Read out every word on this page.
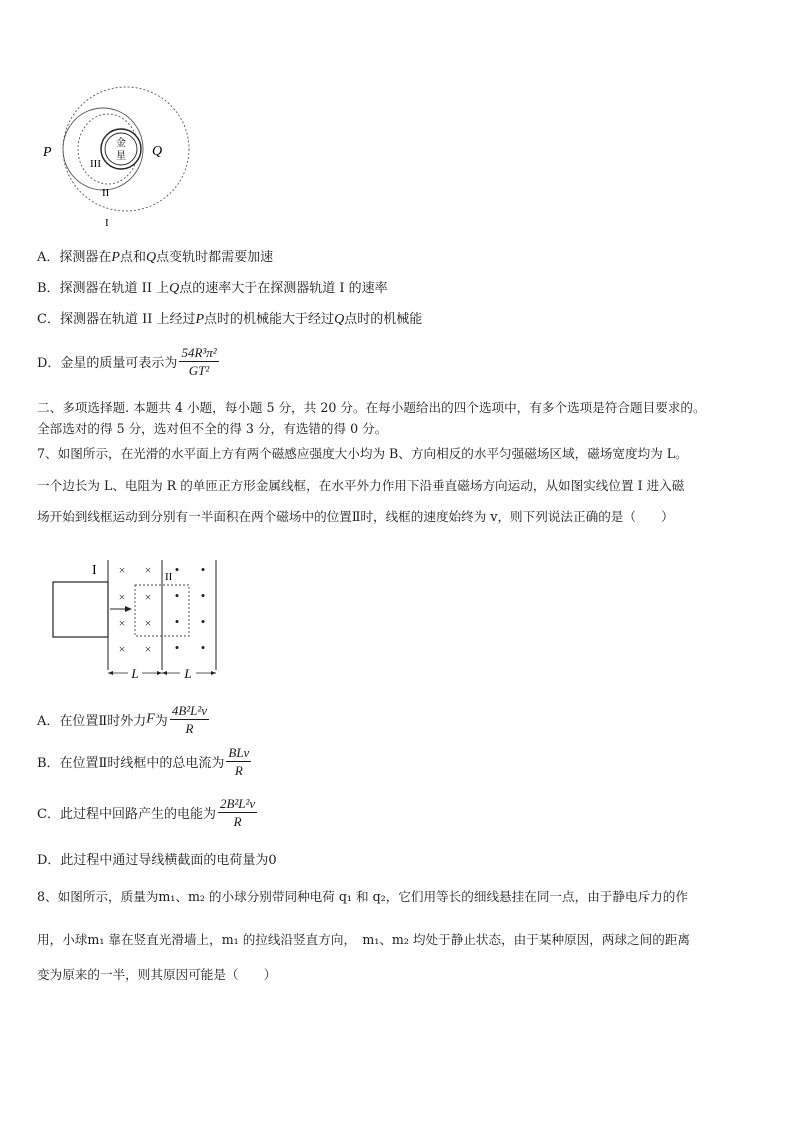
金
星
P	Q
III
II
I
A．探测器在P点和Q点变轨时都需要加速
B．探测器在轨道 II 上Q点的速率大于在探测器轨道 I 的速率
C．探测器在轨道 II 上经过P点时的机械能大于经过Q点时的机械能
D．金星的质量可表示为 $\frac{\text{54R³π²}}{\text{GT²}}$
二、多项选择题. 本题共 4 小题，每小题 5 分，共 20 分。在每小题给出的四个选项中，有多个选项是符合题目要求的。
全部选对的得 5 分，选对但不全的得 3 分，有选错的得 0 分。
7、如图所示，在光滑的水平面上方有两个磁感应强度大小均为 B、方向相反的水平匀强磁场区域，磁场宽度均为 L。
一个边长为 L、电阻为 R 的单匝正方形金属线框，在水平外力作用下沿垂直磁场方向运动，从如图实线位置 I 进入磁
场开始到线框运动到分别有一半面积在两个磁场中的位置Ⅱ时，线框的速度始终为 v，则下列说法正确的是（　　）
I	II
× ×
× ×
× ×
× ×
• •
• •
• •
• •
L	L
A．在位置Ⅱ时外力F为 $\frac{\text{4B²L²v}}{R}$
B．在位置Ⅱ时线框中的总电流为 $\frac{\text{BLv}}{R}$
C．此过程中回路产生的电能为 $\frac{\text{2B²L²v}}{R}$
D．此过程中通过导线横截面的电荷量为0
8、如图所示，质量为m₁、m₂ 的小球分别带同种电荷 q₁ 和 q₂，它们用等长的细线悬挂在同一点，由于静电斥力的作
用，小球m₁ 靠在竖直光滑墙上，m₁ 的拉线沿竖直方向，　m₁、m₂ 均处于静止状态，由于某种原因，两球之间的距离
变为原来的一半，则其原因可能是（　　）
